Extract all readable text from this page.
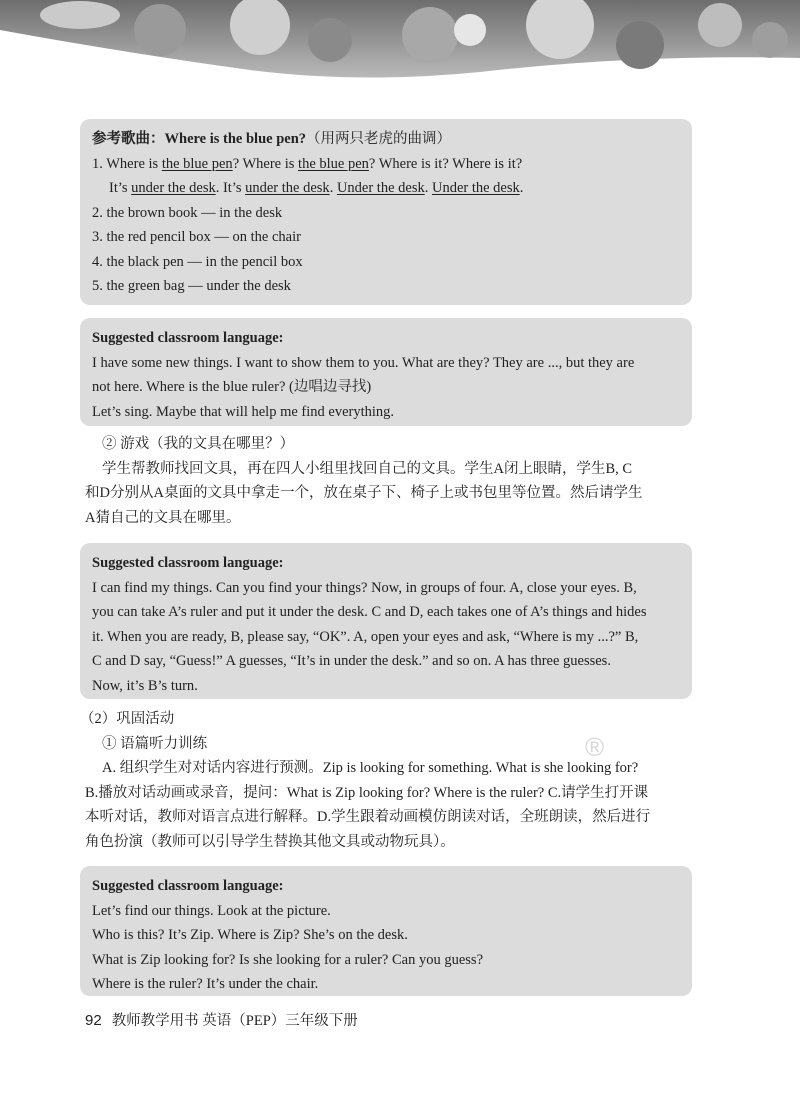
参考歌曲：Where is the blue pen?（用两只老虎的曲调）
1. Where is the blue pen? Where is the blue pen? Where is it? Where is it?
It’s under the desk. It’s under the desk. Under the desk. Under the desk.
2. the brown book — in the desk
3. the red pencil box — on the chair
4. the black pen — in the pencil box
5. the green bag — under the desk
Suggested classroom language:
I have some new things. I want to show them to you. What are they? They are ..., but they are
not here. Where is the blue ruler? (边唱边寻找)
Let’s sing. Maybe that will help me find everything.
② 游戏（我的文具在哪里？）
学生帮教师找回文具，再在四人小组里找回自己的文具。学生A闭上眼睛，学生B, C
和D分别从A桌面的文具中拿走一个，放在桌子下、椅子上或书包里等位置。然后请学生
A猜自己的文具在哪里。
Suggested classroom language:
I can find my things. Can you find your things? Now, in groups of four. A, close your eyes. B,
you can take A’s ruler and put it under the desk. C and D, each takes one of A’s things and hides
it. When you are ready, B, please say, “OK”. A, open your eyes and ask, “Where is my ...?” B,
C and D say, “Guess!” A guesses, “It’s in under the desk.” and so on. A has three guesses.
Now, it’s B’s turn.
（2）巩固活动
① 语篇听力训练
A. 组织学生对对话内容进行预测。Zip is looking for something. What is she looking for?
B.播放对话动画或录音，提问：What is Zip looking for? Where is the ruler? C.请学生打开课
本听对话，教师对语言点进行解释。D.学生跟着动画模仿朗读对话，全班朗读，然后进行
角色扮演（教师可以引导学生替换其他文具或动物玩具）。
®
Suggested classroom language:
Let’s find our things. Look at the picture.
Who is this? It’s Zip. Where is Zip? She’s on the desk.
What is Zip looking for? Is she looking for a ruler? Can you guess?
Where is the ruler? It’s under the chair.
92 教师教学用书 英语（PEP）三年级下册
